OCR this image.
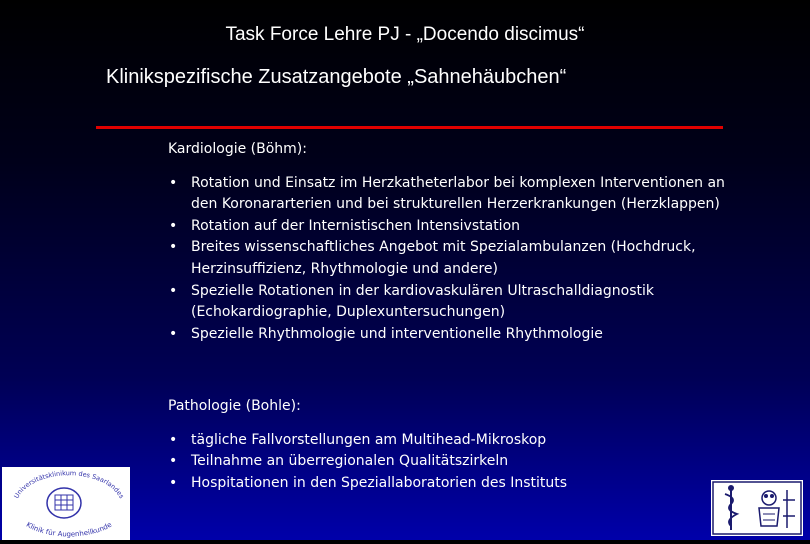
Task Force Lehre PJ - „Docendo discimus“
Klinikspezifische Zusatzangebote „Sahnehäubchen“
Kardiologie (Böhm):
• Rotation und Einsatz im Herzkatheterlabor bei komplexen Interventionen an den Koronararterien und bei strukturellen Herzerkrankungen (Herzklappen)
• Rotation auf der Internistischen Intensivstation
• Breites wissenschaftliches Angebot mit Spezialambulanzen (Hochdruck, Herzinsuffizienz, Rhythmologie und andere)
• Spezielle Rotationen in der kardiovaskulären Ultraschalldiagnostik (Echokardiographie, Duplexuntersuchungen)
• Spezielle Rhythmologie und interventionelle Rhythmologie
Pathologie (Bohle):
• tägliche Fallvorstellungen am Multihead-Mikroskop
• Teilnahme an überregionalen Qualitätszirkeln
• Hospitationen in den Speziallaboratorien des Instituts
Universitätsklinikum des Saarlandes
Klinik für Augenheilkunde
